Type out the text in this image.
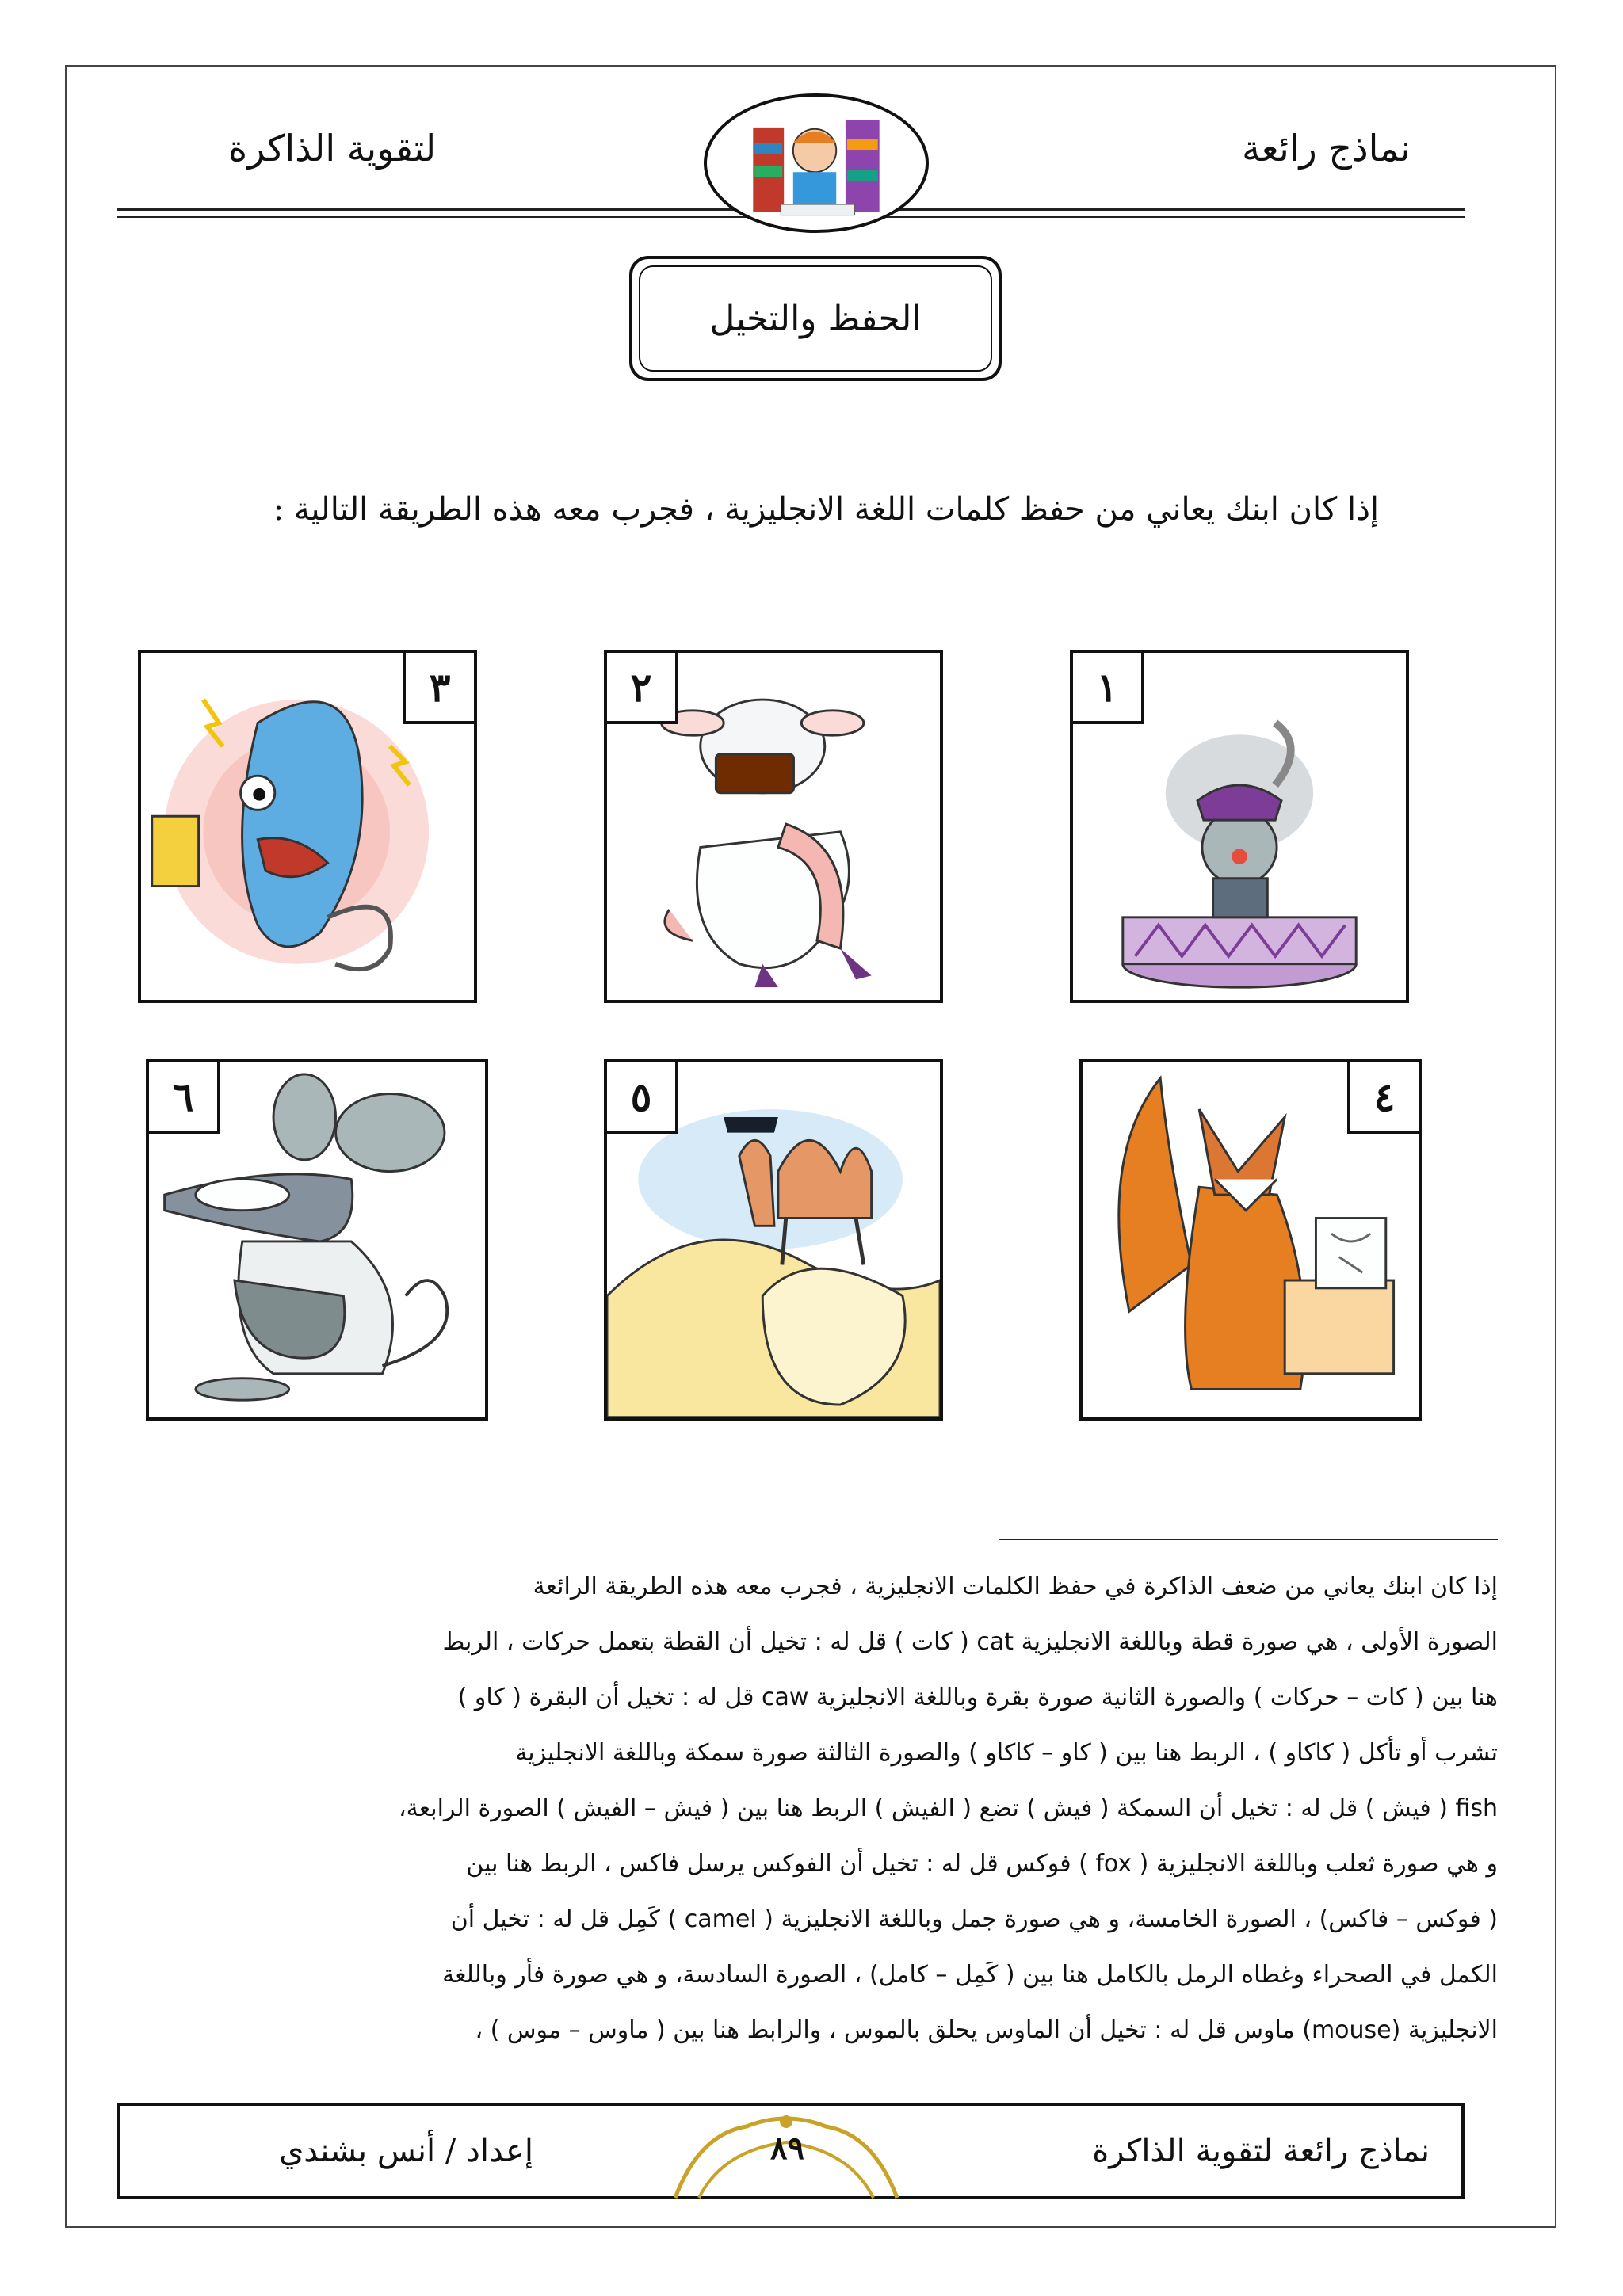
نماذج رائعة
لتقوية الذاكرة
الحفظ والتخيل
إذا كان ابنك يعاني من حفظ كلمات اللغة الانجليزية ، فجرب معه هذه الطريقة التالية :
١
٢
٣
٤
٥
٦

إذا كان ابنك يعاني من ضعف الذاكرة في حفظ الكلمات الانجليزية ، فجرب معه هذه الطريقة الرائعة

الصورة الأولى ، هي صورة قطة وباللغة الانجليزية cat ( كات ) قل له : تخيل أن القطة بتعمل حركات ، الربط

هنا بين ( كات – حركات ) والصورة الثانية صورة بقرة وباللغة الانجليزية caw قل له : تخيل أن البقرة ( كاو )

تشرب أو تأكل ( كاكاو ) ، الربط هنا بين ( كاو – كاكاو ) والصورة الثالثة صورة سمكة وباللغة الانجليزية

fish ( فيش ) قل له : تخيل أن السمكة ( فيش ) تضع ( الفيش ) الربط هنا بين ( فيش – الفيش ) الصورة الرابعة،

و هي صورة ثعلب وباللغة الانجليزية ( fox ) فوكس قل له : تخيل أن الفوكس يرسل فاكس ، الربط هنا بين

( فوكس – فاكس) ، الصورة الخامسة، و هي صورة جمل وباللغة الانجليزية ( camel ) كَمِل قل له : تخيل أن

الكمل في الصحراء وغطاه الرمل بالكامل هنا بين ( كَمِل – كامل) ، الصورة السادسة، و هي صورة فأر وباللغة

الانجليزية (mouse) ماوس قل له : تخيل أن الماوس يحلق بالموس ، والرابط هنا بين ( ماوس – موس ) ،

نماذج رائعة لتقوية الذاكرة
إعداد / أنس بشندي	٨٩
